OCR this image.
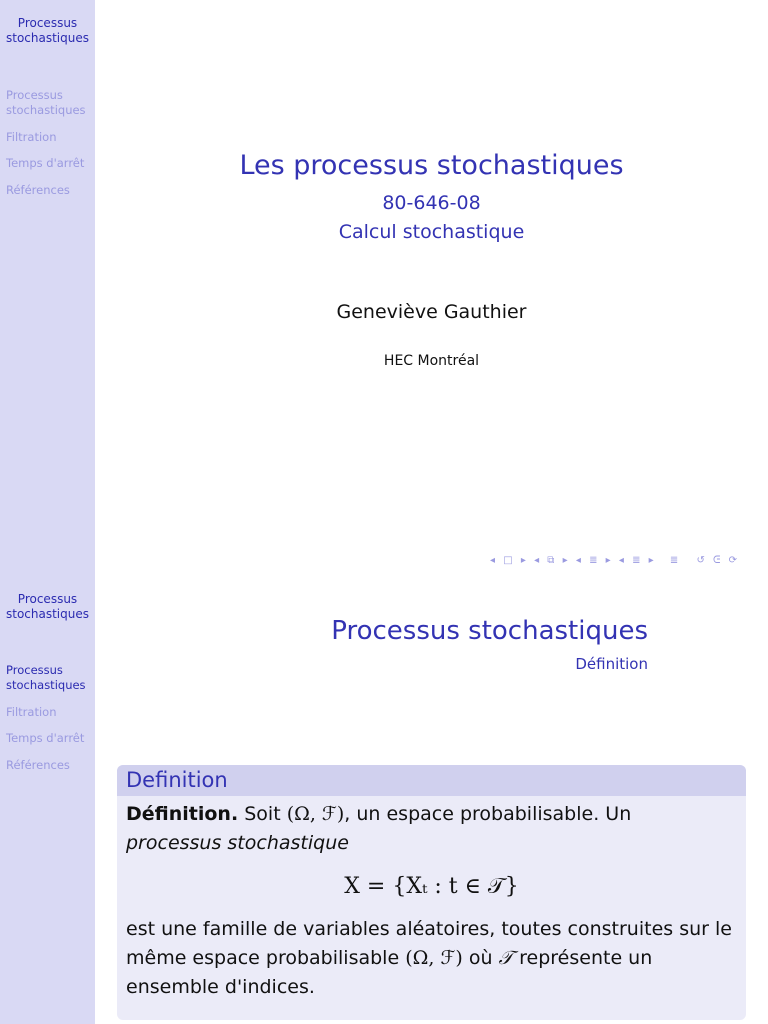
Processus stochastiques
Processus stochastiques
Filtration
Temps d'arrêt
Références
Les processus stochastiques
80-646-08
Calcul stochastique
Geneviève Gauthier
HEC Montréal
◂ □ ▸ ◂ ⧉ ▸ ◂ ≣ ▸ ◂ ≣ ▸ ≣ ↺ ᕮ ⟳
Processus stochastiques
Processus stochastiques
Filtration
Temps d'arrêt
Références
Processus stochastiques
Définition
Definition
Définition. Soit (Ω, ℱ), un espace probabilisable. Un
processus stochastique
X = {Xₜ : t ∈ 𝒯}
est une famille de variables aléatoires, toutes construites sur le même espace probabilisable (Ω, ℱ) où 𝒯 représente un ensemble d'indices.
